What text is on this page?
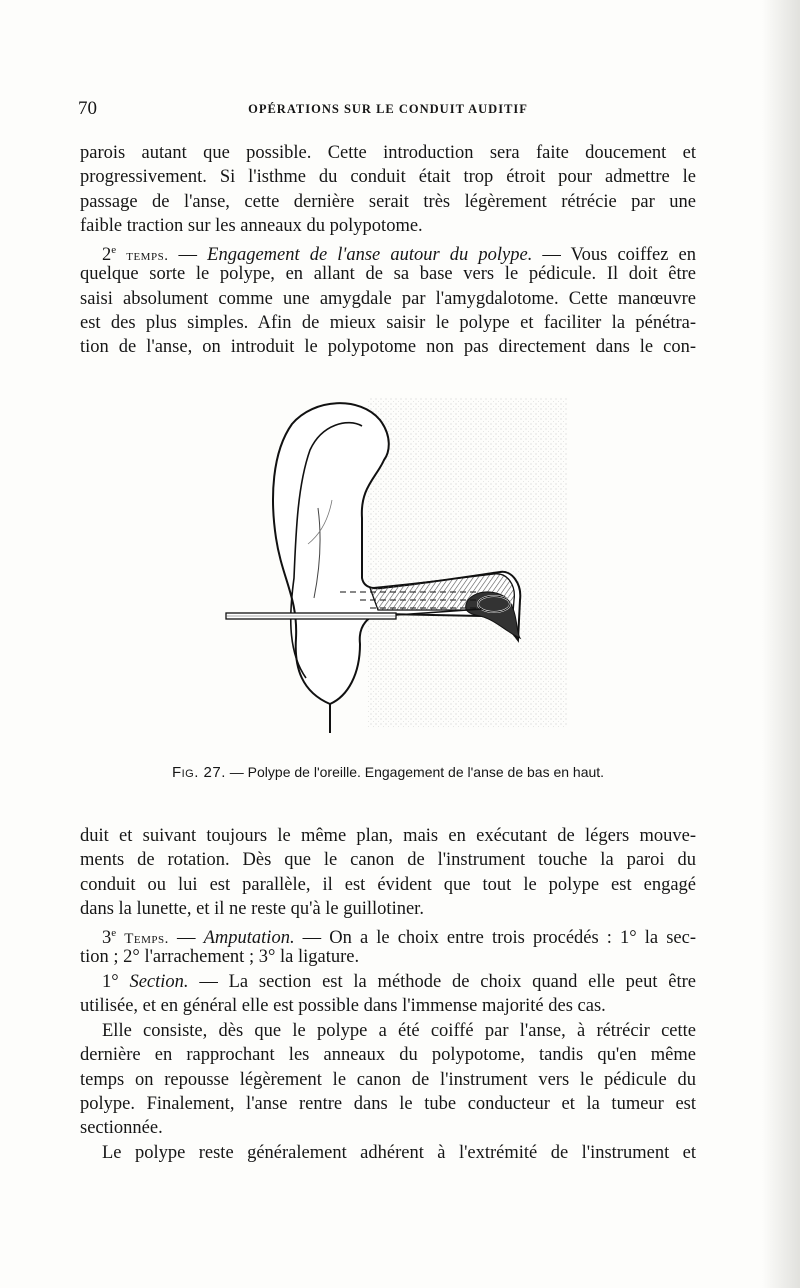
70	OPÉRATIONS SUR LE CONDUIT AUDITIF
parois autant que possible. Cette introduction sera faite doucement et
progressivement. Si l'isthme du conduit était trop étroit pour admettre le
passage de l'anse, cette dernière serait très légèrement rétrécie par une
faible traction sur les anneaux du polypotome.
2e temps. — Engagement de l'anse autour du polype. — Vous coiffez en
quelque sorte le polype, en allant de sa base vers le pédicule. Il doit être
saisi absolument comme une amygdale par l'amygdalotome. Cette manœuvre
est des plus simples. Afin de mieux saisir le polype et faciliter la pénétra-
tion de l'anse, on introduit le polypotome non pas directement dans le con-
Fig. 27. — Polype de l'oreille. Engagement de l'anse de bas en haut.
duit et suivant toujours le même plan, mais en exécutant de légers mouve-
ments de rotation. Dès que le canon de l'instrument touche la paroi du
conduit ou lui est parallèle, il est évident que tout le polype est engagé
dans la lunette, et il ne reste qu'à le guillotiner.
3e Temps. — Amputation. — On a le choix entre trois procédés : 1° la sec-
tion ; 2° l'arrachement ; 3° la ligature.
1° Section. — La section est la méthode de choix quand elle peut être
utilisée, et en général elle est possible dans l'immense majorité des cas.
Elle consiste, dès que le polype a été coiffé par l'anse, à rétrécir cette
dernière en rapprochant les anneaux du polypotome, tandis qu'en même
temps on repousse légèrement le canon de l'instrument vers le pédicule du
polype. Finalement, l'anse rentre dans le tube conducteur et la tumeur est
sectionnée.
Le polype reste généralement adhérent à l'extrémité de l'instrument et
